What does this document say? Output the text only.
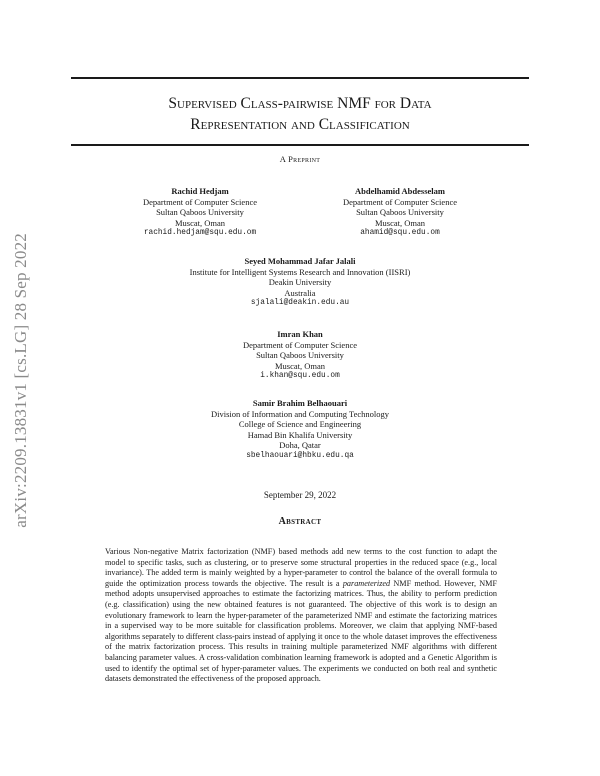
arXiv:2209.13831v1 [cs.LG] 28 Sep 2022
Supervised Class-pairwise NMF for Data
Representation and Classification
A Preprint
Rachid Hedjam
Department of Computer Science
Sultan Qaboos University
Muscat, Oman
rachid.hedjam@squ.edu.om
Abdelhamid Abdesselam
Department of Computer Science
Sultan Qaboos University
Muscat, Oman
ahamid@squ.edu.om
Seyed Mohammad Jafar Jalali
Institute for Intelligent Systems Research and Innovation (IISRI)
Deakin University
Australia
sjalali@deakin.edu.au
Imran Khan
Department of Computer Science
Sultan Qaboos University
Muscat, Oman
i.khan@squ.edu.om
Samir Brahim Belhaouari
Division of Information and Computing Technology
College of Science and Engineering
Hamad Bin Khalifa University
Doha, Qatar
sbelhaouari@hbku.edu.qa
September 29, 2022
Abstract
Various Non-negative Matrix factorization (NMF) based methods add new terms to the cost function to adapt the model to specific tasks, such as clustering, or to preserve some structural properties in the reduced space (e.g., local invariance). The added term is mainly weighted by a hyper-parameter to control the balance of the overall formula to guide the optimization process towards the objective. The result is a parameterized NMF method. However, NMF method adopts unsupervised approaches to estimate the factorizing matrices. Thus, the ability to perform prediction (e.g. classification) using the new obtained features is not guaranteed. The objective of this work is to design an evolutionary framework to learn the hyper-parameter of the parameterized NMF and estimate the factorizing matrices in a supervised way to be more suitable for classification problems. Moreover, we claim that applying NMF-based algorithms separately to different class-pairs instead of applying it once to the whole dataset improves the effectiveness of the matrix factorization process. This results in training multiple parameterized NMF algorithms with different balancing parameter values. A cross-validation combination learning framework is adopted and a Genetic Algorithm is used to identify the optimal set of hyper-parameter values. The experiments we conducted on both real and synthetic datasets demonstrated the effectiveness of the proposed approach.
